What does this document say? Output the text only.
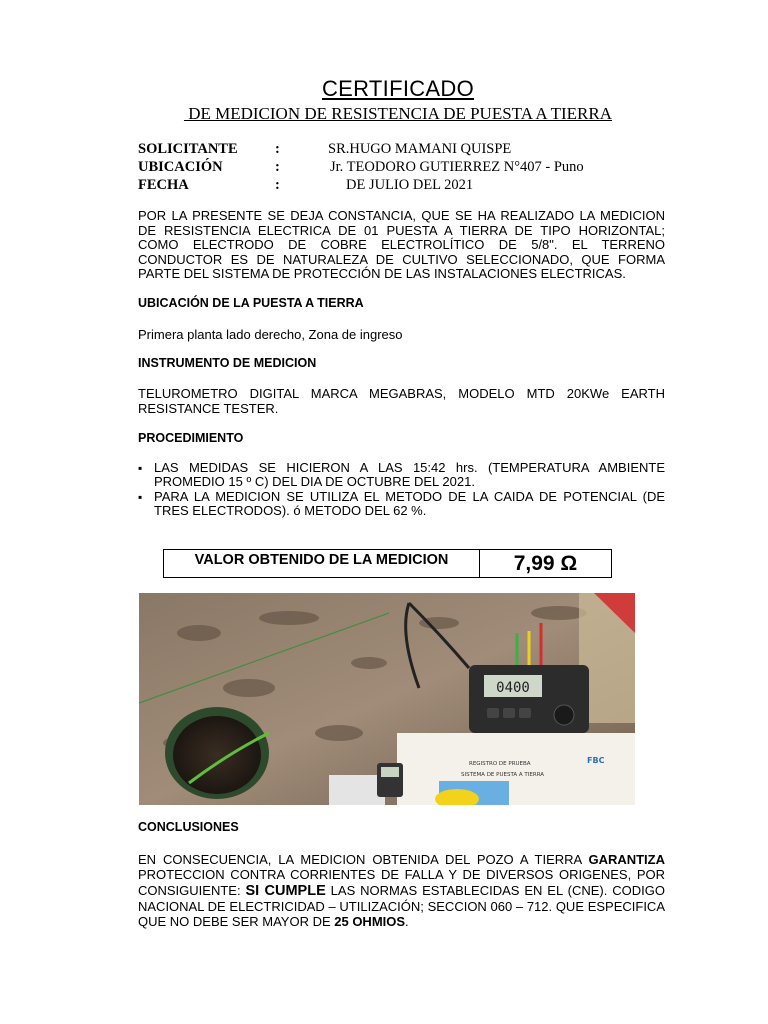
CERTIFICADO
DE MEDICION DE RESISTENCIA DE PUESTA A TIERRA
SOLICITANTE	:	SR.HUGO MAMANI QUISPE
UBICACIÓN	:	Jr. TEODORO GUTIERREZ N°407 - Puno
FECHA	:	DE JULIO DEL 2021
POR LA PRESENTE SE DEJA CONSTANCIA, QUE SE HA REALIZADO LA MEDICION DE RESISTENCIA ELECTRICA DE 01 PUESTA A TIERRA DE TIPO HORIZONTAL; COMO ELECTRODO DE COBRE ELECTROLÍTICO DE 5/8". EL TERRENO CONDUCTOR ES DE NATURALEZA DE CULTIVO SELECCIONADO, QUE FORMA PARTE DEL SISTEMA DE PROTECCIÓN DE LAS INSTALACIONES ELECTRICAS.
UBICACIÓN DE LA PUESTA A TIERRA
Primera planta lado derecho, Zona de ingreso
INSTRUMENTO DE MEDICION
TELUROMETRO DIGITAL MARCA MEGABRAS, MODELO MTD 20KWe EARTH RESISTANCE TESTER.
PROCEDIMIENTO
▪ LAS MEDIDAS SE HICIERON A LAS 15:42 hrs. (TEMPERATURA AMBIENTE PROMEDIO 15 º C) DEL DIA DE OCTUBRE DEL 2021.
▪ PARA LA MEDICION SE UTILIZA EL METODO DE LA CAIDA DE POTENCIAL (DE TRES ELECTRODOS). ó METODO DEL 62 %.
VALOR OBTENIDO DE LA MEDICION	7,99 Ω
0400
REGISTRO DE PRUEBA
SISTEMA DE PUESTA A TIERRA
FBC
CONCLUSIONES
EN CONSECUENCIA, LA MEDICION OBTENIDA DEL POZO A TIERRA GARANTIZA PROTECCION CONTRA CORRIENTES DE FALLA Y DE DIVERSOS ORIGENES, POR CONSIGUIENTE: SI CUMPLE LAS NORMAS ESTABLECIDAS EN EL (CNE). CODIGO NACIONAL DE ELECTRICIDAD – UTILIZACIÓN; SECCION 060 – 712. QUE ESPECIFICA QUE NO DEBE SER MAYOR DE 25 OHMIOS.
